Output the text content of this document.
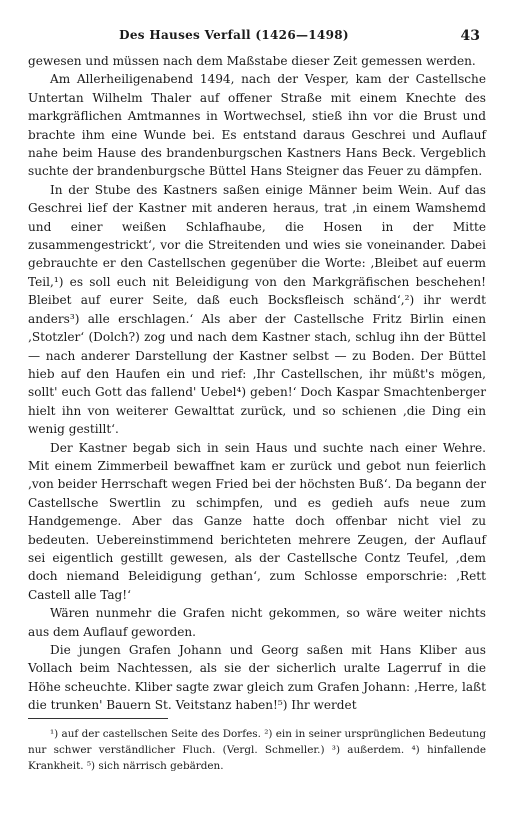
Des Hauses Verfall (1426—1498)	43

gewesen und müssen nach dem Maßstabe dieser Zeit gemessen werden.

Am Allerheiligenabend 1494, nach der Vesper, kam der Castellsche Untertan Wilhelm Thaler auf offener Straße mit einem Knechte des markgräflichen Amtmannes in Wortwechsel, stieß ihn vor die Brust und brachte ihm eine Wunde bei. Es entstand daraus Geschrei und Auflauf nahe beim Hause des brandenburgschen Kastners Hans Beck. Vergeblich suchte der brandenburgsche Büttel Hans Steigner das Feuer zu dämpfen.

In der Stube des Kastners saßen einige Männer beim Wein. Auf das Geschrei lief der Kastner mit anderen heraus, trat ‚in einem Wamshemd und einer weißen Schlafhaube, die Hosen in der Mitte zusammengestrickt‘, vor die Streitenden und wies sie voneinander. Dabei gebrauchte er den Castellschen gegenüber die Worte: ‚Bleibet auf euerm Teil,¹) es soll euch nit Beleidigung von den Markgräfischen beschehen! Bleibet auf eurer Seite, daß euch Bocksfleisch schänd‘,²) ihr werdt anders³) alle erschlagen.‘ Als aber der Castellsche Fritz Birlin einen ‚Stotzler‘ (Dolch?) zog und nach dem Kastner stach, schlug ihn der Büttel — nach anderer Darstellung der Kastner selbst — zu Boden. Der Büttel hieb auf den Haufen ein und rief: ‚Ihr Castellschen, ihr müßt's mögen, sollt' euch Gott das fallend' Uebel⁴) geben!‘ Doch Kaspar Smachtenberger hielt ihn von weiterer Gewalttat zurück, und so schienen ‚die Ding ein wenig gestillt‘.

Der Kastner begab sich in sein Haus und suchte nach einer Wehre. Mit einem Zimmerbeil bewaffnet kam er zurück und gebot nun feierlich ‚von beider Herrschaft wegen Fried bei der höchsten Buß‘. Da begann der Castellsche Swertlin zu schimpfen, und es gedieh aufs neue zum Handgemenge. Aber das Ganze hatte doch offenbar nicht viel zu bedeuten. Uebereinstimmend berichteten mehrere Zeugen, der Auflauf sei eigentlich gestillt gewesen, als der Castellsche Contz Teufel, ‚dem doch niemand Beleidigung gethan‘, zum Schlosse emporschrie: ‚Rett Castell alle Tag!‘

Wären nunmehr die Grafen nicht gekommen, so wäre weiter nichts aus dem Auflauf geworden.

Die jungen Grafen Johann und Georg saßen mit Hans Kliber aus Vollach beim Nachtessen, als sie der sicherlich uralte Lagerruf in die Höhe scheuchte. Kliber sagte zwar gleich zum Grafen Johann: ‚Herre, laßt die trunken' Bauern St. Veitstanz haben!⁵) Ihr werdet

¹) auf der castellschen Seite des Dorfes. ²) ein in seiner ursprünglichen Bedeutung nur schwer verständlicher Fluch. (Vergl. Schmeller.) ³) außerdem. ⁴) hinfallende Krankheit. ⁵) sich närrisch gebärden.
